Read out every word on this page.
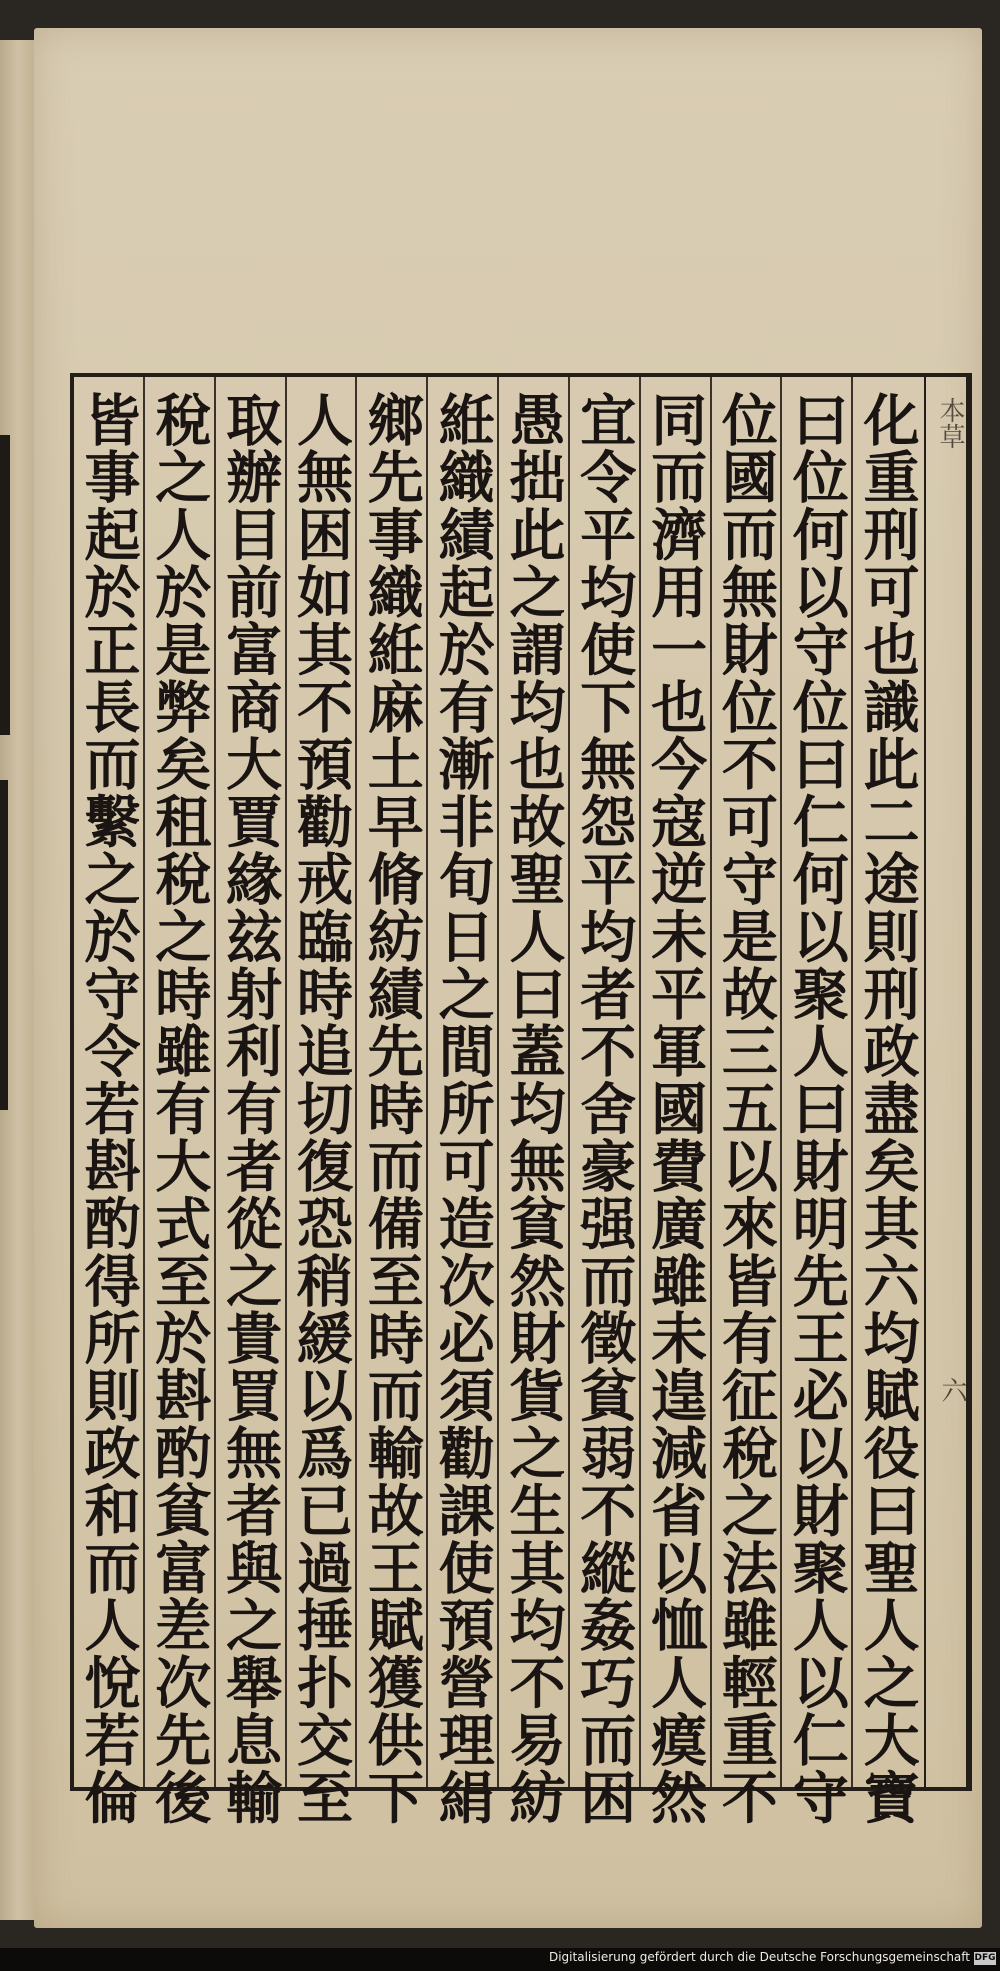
化重刑可也識此二途則刑政盡矣其六均賦役曰聖人之大寶
曰位何以守位曰仁何以聚人曰財明先王必以財聚人以仁守
位國而無財位不可守是故三五以來皆有征稅之法雖輕重不
同而濟用一也今寇逆未平軍國費廣雖未遑減省以恤人瘼然
宜令平均使下無怨平均者不舍豪强而徵貧弱不縱姦巧而困
愚拙此之謂均也故聖人曰蓋均無貧然財貨之生其均不易紡
絍織績起於有漸非旬日之間所可造次必須勸課使預營理絹
鄉先事織絍麻土早脩紡績先時而備至時而輸故王賦獲供下
人無困如其不預勸戒臨時追切復恐稍緩以爲已過捶扑交至
取辦目前富商大賈緣玆射利有者從之貴買無者與之舉息輸
稅之人於是弊矣租稅之時雖有大式至於斟酌貧富差次先後
皆事起於正長而繫之於守令若斟酌得所則政和而人悅若倫	本草
六
Digitalisierung gefördert durch die Deutsche Forschungsgemeinschaft DFG
